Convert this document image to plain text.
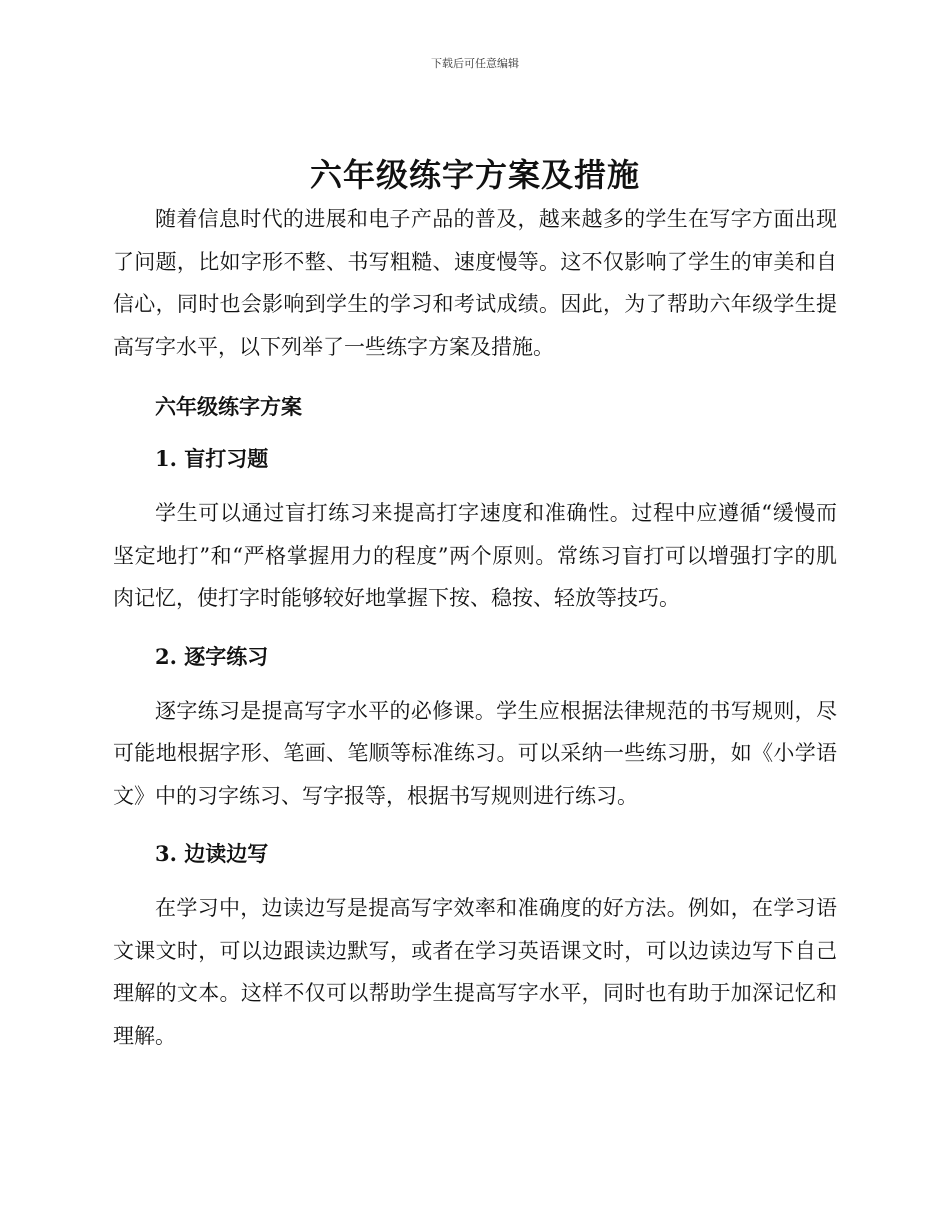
下载后可任意编辑
六年级练字方案及措施

随着信息时代的进展和电子产品的普及，越来越多的学生在写字方面出现了问题，比如字形不整、书写粗糙、速度慢等。这不仅影响了学生的审美和自信心，同时也会影响到学生的学习和考试成绩。因此，为了帮助六年级学生提高写字水平，以下列举了一些练字方案及措施。

六年级练字方案

1. 盲打习题

学生可以通过盲打练习来提高打字速度和准确性。过程中应遵循“缓慢而坚定地打”和“严格掌握用力的程度”两个原则。常练习盲打可以增强打字的肌肉记忆，使打字时能够较好地掌握下按、稳按、轻放等技巧。

2. 逐字练习

逐字练习是提高写字水平的必修课。学生应根据法律规范的书写规则，尽可能地根据字形、笔画、笔顺等标准练习。可以采纳一些练习册，如《小学语文》中的习字练习、写字报等，根据书写规则进行练习。

3. 边读边写

在学习中，边读边写是提高写字效率和准确度的好方法。例如，在学习语文课文时，可以边跟读边默写，或者在学习英语课文时，可以边读边写下自己理解的文本。这样不仅可以帮助学生提高写字水平，同时也有助于加深记忆和理解。
